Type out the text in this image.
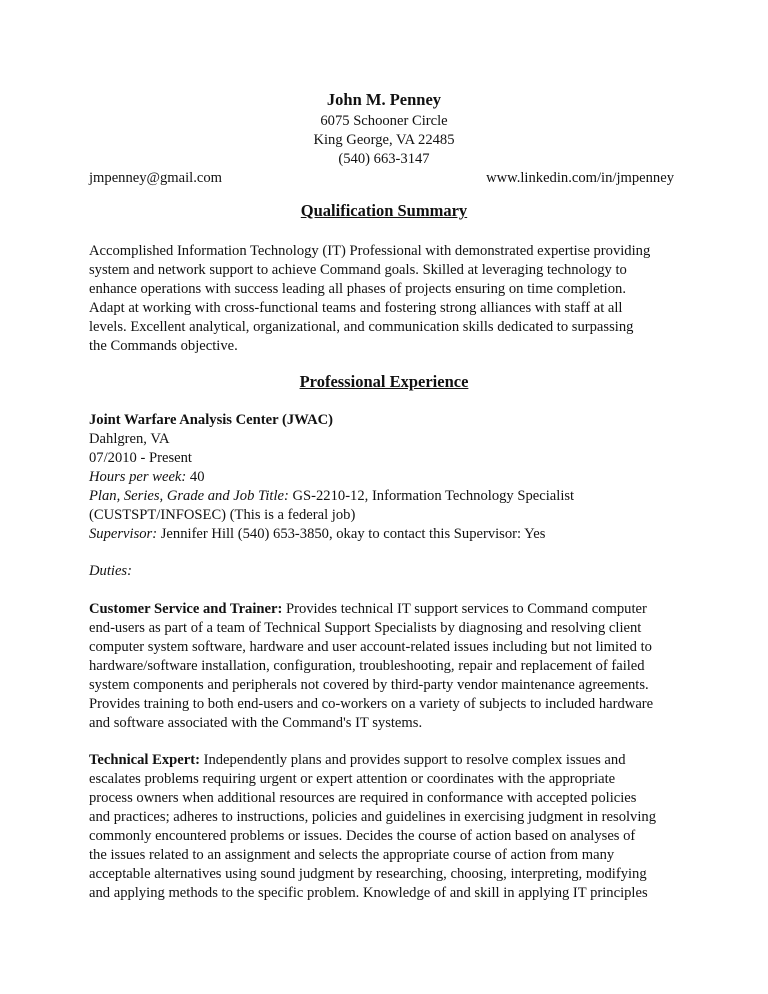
John M. Penney
6075 Schooner Circle
King George, VA 22485
(540) 663-3147
jmpenney@gmail.com	www.linkedin.com/in/jmpenney
Qualification Summary
Accomplished Information Technology (IT) Professional with demonstrated expertise providing
system and network support to achieve Command goals. Skilled at leveraging technology to
enhance operations with success leading all phases of projects ensuring on time completion.
Adapt at working with cross-functional teams and fostering strong alliances with staff at all
levels. Excellent analytical, organizational, and communication skills dedicated to surpassing
the Commands objective.
Professional Experience
Joint Warfare Analysis Center (JWAC)
Dahlgren, VA
07/2010 - Present
Hours per week: 40
Plan, Series, Grade and Job Title: GS-2210-12, Information Technology Specialist
(CUSTSPT/INFOSEC) (This is a federal job)
Supervisor: Jennifer Hill (540) 653-3850, okay to contact this Supervisor: Yes
Duties:
Customer Service and Trainer: Provides technical IT support services to Command computer
end-users as part of a team of Technical Support Specialists by diagnosing and resolving client
computer system software, hardware and user account-related issues including but not limited to
hardware/software installation, configuration, troubleshooting, repair and replacement of failed
system components and peripherals not covered by third-party vendor maintenance agreements.
Provides training to both end-users and co-workers on a variety of subjects to included hardware
and software associated with the Command's IT systems.
Technical Expert: Independently plans and provides support to resolve complex issues and
escalates problems requiring urgent or expert attention or coordinates with the appropriate
process owners when additional resources are required in conformance with accepted policies
and practices; adheres to instructions, policies and guidelines in exercising judgment in resolving
commonly encountered problems or issues. Decides the course of action based on analyses of
the issues related to an assignment and selects the appropriate course of action from many
acceptable alternatives using sound judgment by researching, choosing, interpreting, modifying
and applying methods to the specific problem. Knowledge of and skill in applying IT principles
